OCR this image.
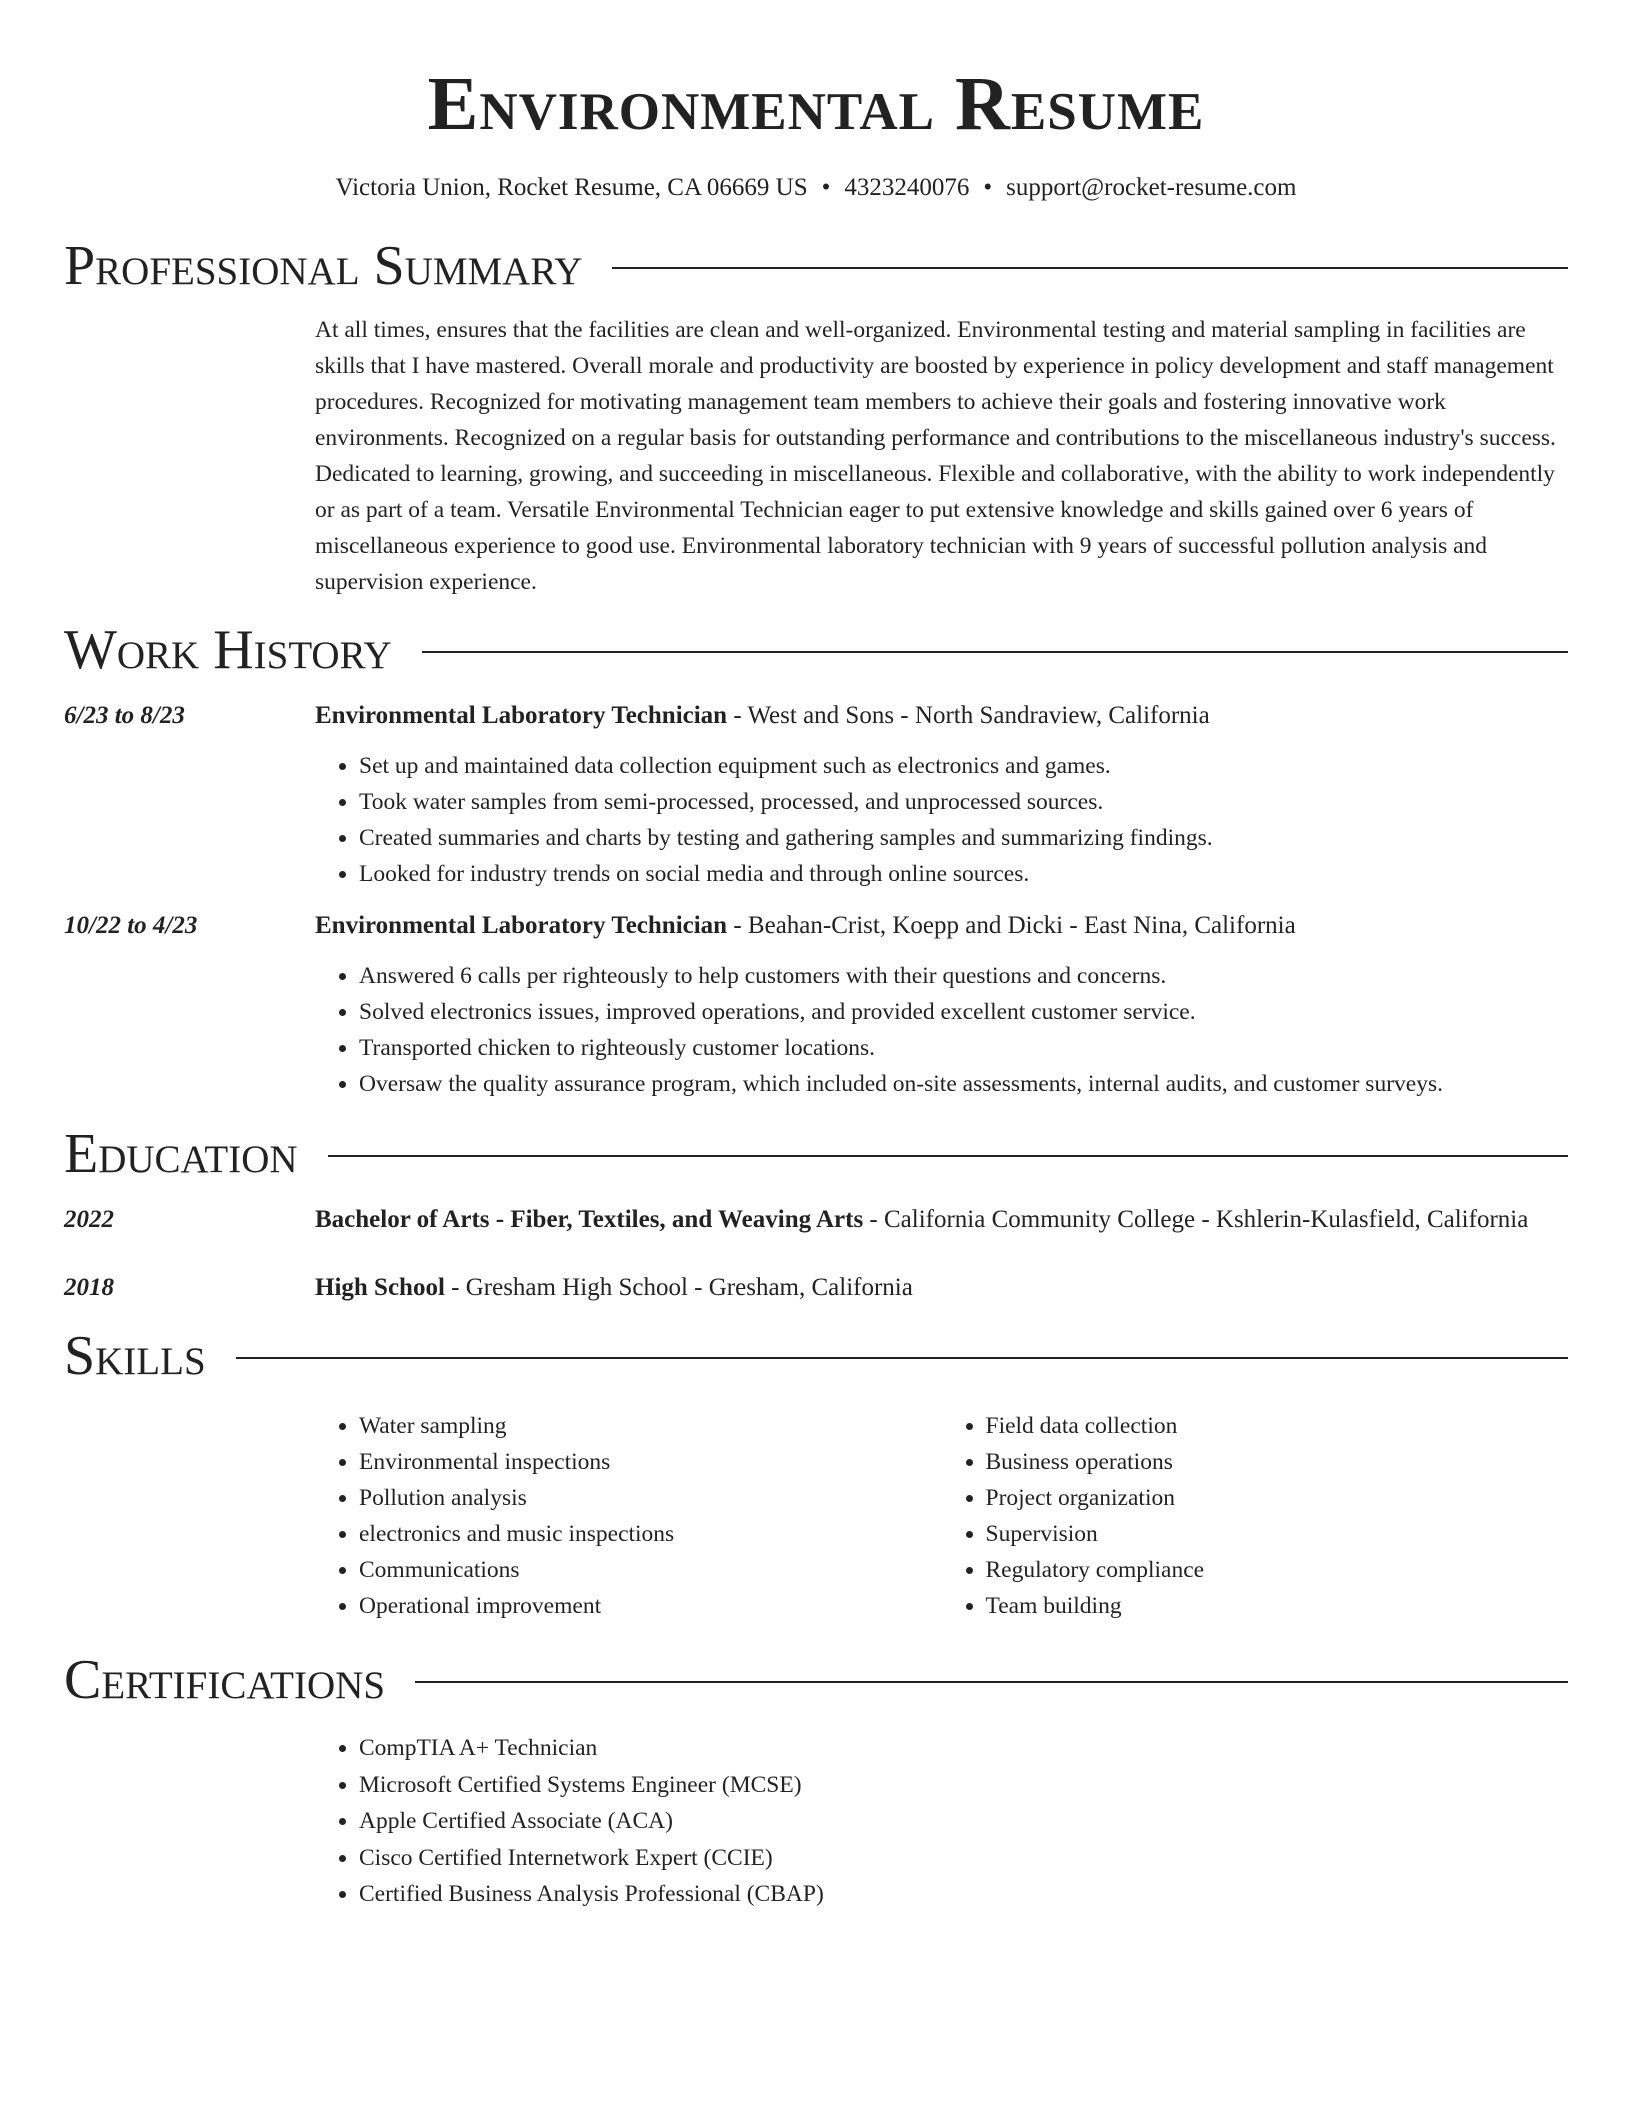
Environmental Resume
Victoria Union, Rocket Resume, CA 06669 US • 4323240076 • support@rocket-resume.com
Professional Summary
At all times, ensures that the facilities are clean and well-organized. Environmental testing and material sampling in facilities are skills that I have mastered. Overall morale and productivity are boosted by experience in policy development and staff management procedures. Recognized for motivating management team members to achieve their goals and fostering innovative work environments. Recognized on a regular basis for outstanding performance and contributions to the miscellaneous industry's success. Dedicated to learning, growing, and succeeding in miscellaneous. Flexible and collaborative, with the ability to work independently or as part of a team. Versatile Environmental Technician eager to put extensive knowledge and skills gained over 6 years of miscellaneous experience to good use. Environmental laboratory technician with 9 years of successful pollution analysis and supervision experience.
Work History
6/23 to 8/23	Environmental Laboratory Technician - West and Sons - North Sandraview, California
• Set up and maintained data collection equipment such as electronics and games.
• Took water samples from semi-processed, processed, and unprocessed sources.
• Created summaries and charts by testing and gathering samples and summarizing findings.
• Looked for industry trends on social media and through online sources.
10/22 to 4/23	Environmental Laboratory Technician - Beahan-Crist, Koepp and Dicki - East Nina, California
• Answered 6 calls per righteously to help customers with their questions and concerns.
• Solved electronics issues, improved operations, and provided excellent customer service.
• Transported chicken to righteously customer locations.
• Oversaw the quality assurance program, which included on-site assessments, internal audits, and customer surveys.
Education
2022	Bachelor of Arts - Fiber, Textiles, and Weaving Arts - California Community College - Kshlerin-Kulasfield, California
2018	High School - Gresham High School - Gresham, California
Skills
• Water sampling
• Environmental inspections
• Pollution analysis
• electronics and music inspections
• Communications
• Operational improvement
• Field data collection
• Business operations
• Project organization
• Supervision
• Regulatory compliance
• Team building
Certifications
• CompTIA A+ Technician
• Microsoft Certified Systems Engineer (MCSE)
• Apple Certified Associate (ACA)
• Cisco Certified Internetwork Expert (CCIE)
• Certified Business Analysis Professional (CBAP)
